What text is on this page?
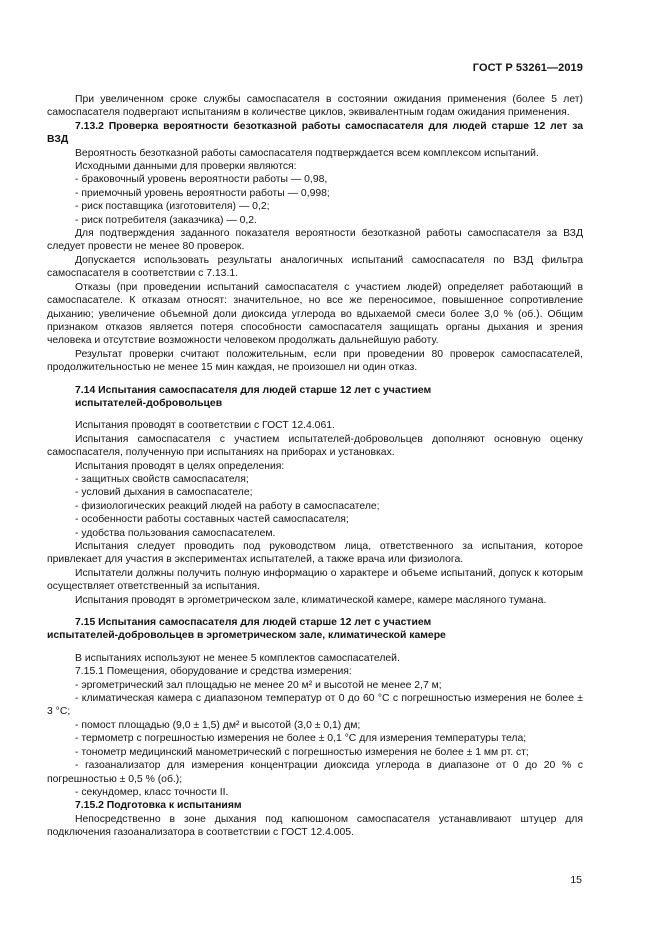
ГОСТ Р 53261—2019

При увеличенном сроке службы самоспасателя в состоянии ожидания применения (более 5 лет) самоспасателя подвергают испытаниям в количестве циклов, эквивалентным годам ожидания применения.

7.13.2 Проверка вероятности безотказной работы самоспасателя для людей старше 12 лет за ВЗД

Вероятность безотказной работы самоспасателя подтверждается всем комплексом испытаний.

Исходными данными для проверки являются:

- браковочный уровень вероятности работы — 0,98,

- приемочный уровень вероятности работы — 0,998;

- риск поставщика (изготовителя) — 0,2;

- риск потребителя (заказчика) — 0,2.

Для подтверждения заданного показателя вероятности безотказной работы самоспасателя за ВЗД следует провести не менее 80 проверок.

Допускается использовать результаты аналогичных испытаний самоспасателя по ВЗД фильтра самоспасателя в соответствии с 7.13.1.

Отказы (при проведении испытаний самоспасателя с участием людей) определяет работающий в самоспасателе. К отказам относят: значительное, но все же переносимое, повышенное сопротивление дыханию; увеличение объемной доли диоксида углерода во вдыхаемой смеси более 3,0 % (об.). Общим признаком отказов является потеря способности самоспасателя защищать органы дыхания и зрения человека и отсутствие возможности человеком продолжать дальнейшую работу.

Результат проверки считают положительным, если при проведении 80 проверок самоспасателей, продолжительностью не менее 15 мин каждая, не произошел ни один отказ.

7.14 Испытания самоспасателя для людей старше 12 лет с участием

испытателей-добровольцев

Испытания проводят в соответствии с ГОСТ 12.4.061.

Испытания самоспасателя с участием испытателей-добровольцев дополняют основную оценку самоспасателя, полученную при испытаниях на приборах и установках.

Испытания проводят в целях определения:

- защитных свойств самоспасателя;

- условий дыхания в самоспасателе;

- физиологических реакций людей на работу в самоспасателе;

- особенности работы составных частей самоспасателя;

- удобства пользования самоспасателем.

Испытания следует проводить под руководством лица, ответственного за испытания, которое привлекает для участия в экспериментах испытателей, а также врача или физиолога.

Испытатели должны получить полную информацию о характере и объеме испытаний, допуск к которым осуществляет ответственный за испытания.

Испытания проводят в эргометрическом зале, климатической камере, камере масляного тумана.

7.15 Испытания самоспасателя для людей старше 12 лет с участием

испытателей-добровольцев в эргометрическом зале, климатической камере

В испытаниях используют не менее 5 комплектов самоспасателей.

7.15.1 Помещения, оборудование и средства измерения:

- эргометрический зал площадью не менее 20 м² и высотой не менее 2,7 м;

- климатическая камера с диапазоном температур от 0 до 60 °С с погрешностью измерения не более ± 3 °С;

- помост площадью (9,0 ± 1,5) дм² и высотой (3,0 ± 0,1) дм;

- термометр с погрешностью измерения не более ± 0,1 °С для измерения температуры тела;

- тонометр медицинский манометрический с погрешностью измерения не более ± 1 мм рт. ст;

- газоанализатор для измерения концентрации диоксида углерода в диапазоне от 0 до 20 % с погрешностью ± 0,5 % (об.);

- секундомер, класс точности II.

7.15.2 Подготовка к испытаниям

Непосредственно в зоне дыхания под капюшоном самоспасателя устанавливают штуцер для подключения газоанализатора в соответствии с ГОСТ 12.4.005.

15
